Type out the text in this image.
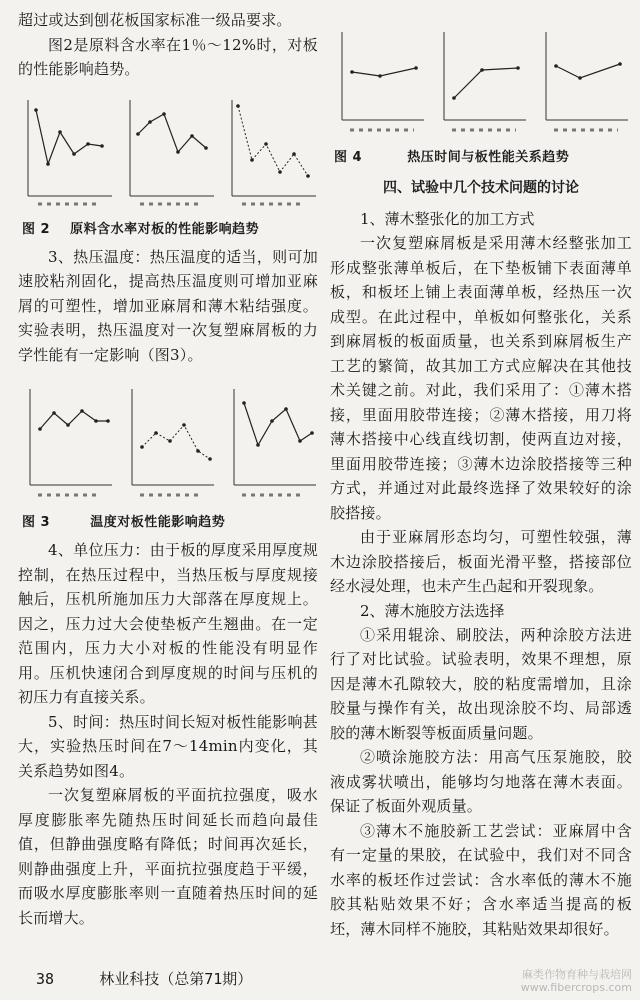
超过或达到刨花板国家标准一级品要求。

图2是原料含水率在1％～12%时，对板的性能影响趋势。

图 2    原料含水率对板的性能影响趋势

3、热压温度：热压温度的适当，则可加速胶粘剂固化，提高热压温度则可增加亚麻屑的可塑性，增加亚麻屑和薄木粘结强度。实验表明，热压温度对一次复塑麻屑板的力学性能有一定影响（图3）。

图 3        温度对板性能影响趋势

4、单位压力：由于板的厚度采用厚度规控制，在热压过程中，当热压板与厚度规接触后，压机所施加压力大部落在厚度规上。因之，压力过大会使垫板产生翘曲。在一定范围内，压力大小对板的性能没有明显作用。压机快速闭合到厚度规的时间与压机的初压力有直接关系。

5、时间：热压时间长短对板性能影响甚大，实验热压时间在7～14min内变化，其关系趋势如图4。

一次复塑麻屑板的平面抗拉强度，吸水厚度膨胀率先随热压时间延长而趋向最佳值，但静曲强度略有降低；时间再次延长，则静曲强度上升，平面抗拉强度趋于平缓，而吸水厚度膨胀率则一直随着热压时间的延长而增大。

图 4         热压时间与板性能关系趋势
四、试验中几个技术问题的讨论
1、薄木整张化的加工方式

一次复塑麻屑板是采用薄木经整张加工形成整张薄单板后，在下垫板铺下表面薄单板，和板坯上铺上表面薄单板，经热压一次成型。在此过程中，单板如何整张化，关系到麻屑板的板面质量，也关系到麻屑板生产工艺的繁简，故其加工方式应解决在其他技术关键之前。对此，我们采用了：①薄木搭接，里面用胶带连接；②薄木搭接，用刀将薄木搭接中心线直线切割，使两直边对接，里面用胶带连接；③薄木边涂胶搭接等三种方式，并通过对此最终选择了效果较好的涂胶搭接。

由于亚麻屑形态均匀，可塑性较强，薄木边涂胶搭接后，板面光滑平整，搭接部位经水浸处理，也未产生凸起和开裂现象。

2、薄木施胶方法选择

①采用辊涂、刷胶法，两种涂胶方法进行了对比试验。试验表明，效果不理想，原因是薄木孔隙较大，胶的粘度需增加，且涂胶量与操作有关，故出现涂胶不均、局部透胶的薄木断裂等板面质量问题。

②喷涂施胶方法：用高气压泵施胶，胶液成雾状喷出，能够均匀地落在薄木表面。保证了板面外观质量。

③薄木不施胶新工艺尝试：亚麻屑中含有一定量的果胶，在试验中，我们对不同含水率的板坯作过尝试：含水率低的薄木不施胶其粘贴效果不好；含水率适当提高的板坯，薄木同样不施胶，其粘贴效果却很好。

38	林业科技（总第71期）	麻类作物育种与栽培网
www.fibercrops.com
